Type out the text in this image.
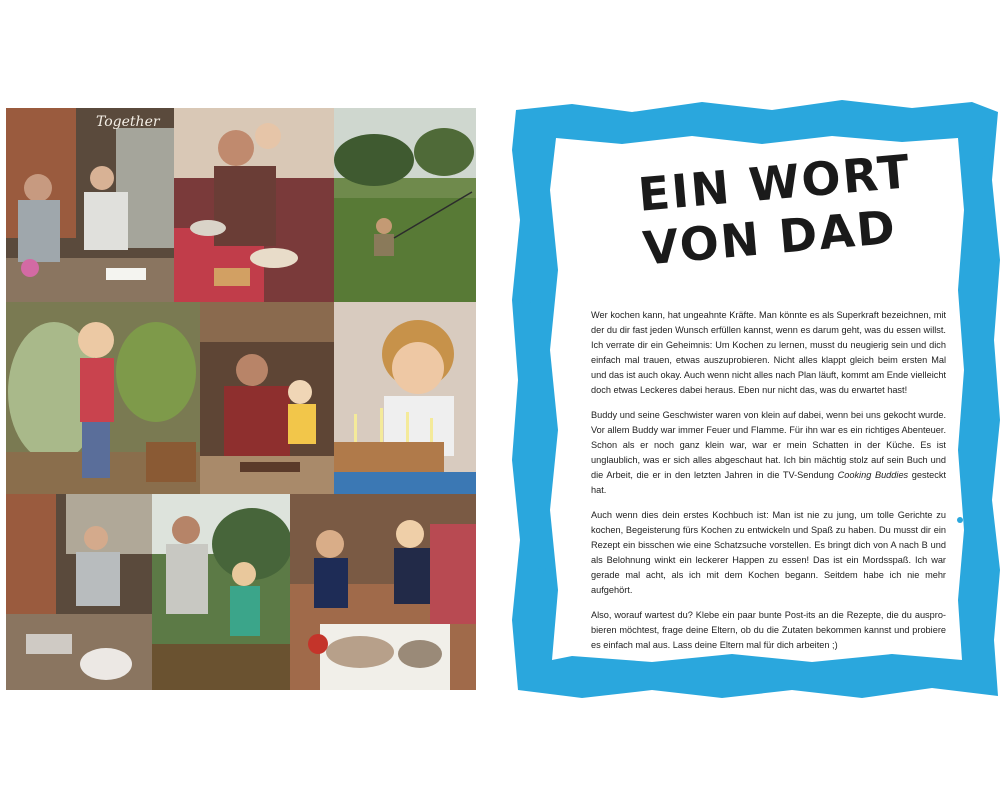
Together
EIN WORT
VON DAD

Wer kochen kann, hat ungeahnte Kräfte. Man könnte es als Superkraft bezeichnen, mit der du dir fast jeden Wunsch erfüllen kannst, wenn es darum geht, was du essen willst. Ich verrate dir ein Geheimnis: Um Kochen zu lernen, musst du neugierig sein und dich einfach mal trauen, etwas auszuprobieren. Nicht alles klappt gleich beim ersten Mal und das ist auch okay. Auch wenn nicht alles nach Plan läuft, kommt am Ende vielleicht doch etwas Leckeres dabei heraus. Eben nur nicht das, was du erwartet hast!

Buddy und seine Geschwister waren von klein auf dabei, wenn bei uns gekocht wurde. Vor allem Buddy war immer Feuer und Flamme. Für ihn war es ein richtiges Abenteuer. Schon als er noch ganz klein war, war er mein Schatten in der Küche. Es ist unglaublich, was er sich alles abgeschaut hat. Ich bin mächtig stolz auf sein Buch und die Arbeit, die er in den letzten Jahren in die TV-Sendung Cooking Buddies gesteckt hat.

Auch wenn dies dein erstes Kochbuch ist: Man ist nie zu jung, um tolle Gerichte zu kochen, Begeisterung fürs Kochen zu entwickeln und Spaß zu haben. Du musst dir ein Rezept ein bisschen wie eine Schatzsuche vorstellen. Es bringt dich von A nach B und als Belohnung winkt ein leckerer Happen zu essen! Das ist ein Mordsspaß. Ich war gerade mal acht, als ich mit dem Kochen begann. Seitdem habe ich nie mehr aufgehört.

Also, worauf wartest du? Klebe ein paar bunte Post-its an die Rezepte, die du auspro-bieren möchtest, frage deine Eltern, ob du die Zutaten bekommen kannst und probiere es einfach mal aus. Lass deine Eltern mal für dich arbeiten ;)
